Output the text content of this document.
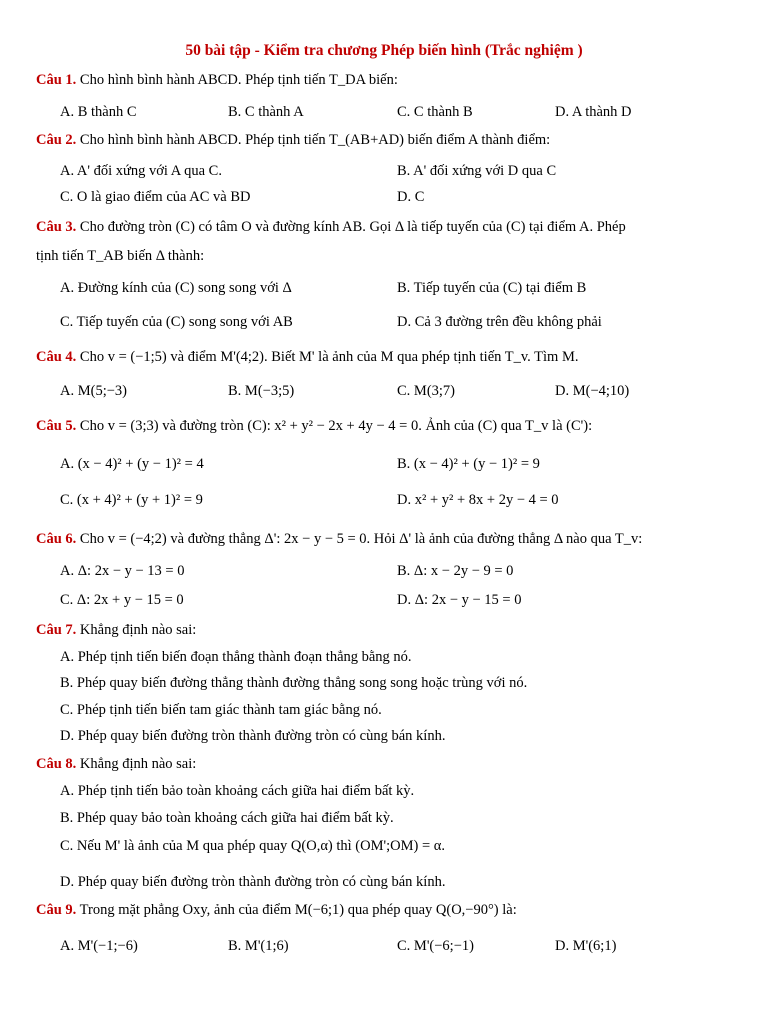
50 bài tập - Kiểm tra chương Phép biến hình (Trắc nghiệm )
Câu 1. Cho hình bình hành ABCD. Phép tịnh tiến T_DA biến:
A. B thành C	B. C thành A	C. C thành B	D. A thành D
Câu 2. Cho hình bình hành ABCD. Phép tịnh tiến T_(AB+AD) biến điểm A thành điểm:
A. A' đối xứng với A qua C.	B. A' đối xứng với D qua C
C. O là giao điểm của AC và BD	D. C
Câu 3. Cho đường tròn (C) có tâm O và đường kính AB. Gọi Δ là tiếp tuyến của (C) tại điểm A. Phép
tịnh tiến T_AB biến Δ thành:
A. Đường kính của (C) song song với Δ	B. Tiếp tuyến của (C) tại điểm B
C. Tiếp tuyến của (C) song song với AB	D. Cả 3 đường trên đều không phải
Câu 4. Cho v = (−1;5) và điểm M'(4;2). Biết M' là ảnh của M qua phép tịnh tiến T_v. Tìm M.
A. M(5;−3)	B. M(−3;5)	C. M(3;7)	D. M(−4;10)
Câu 5. Cho v = (3;3) và đường tròn (C): x² + y² − 2x + 4y − 4 = 0. Ảnh của (C) qua T_v là (C'):
A. (x − 4)² + (y − 1)² = 4	B. (x − 4)² + (y − 1)² = 9
C. (x + 4)² + (y + 1)² = 9	D. x² + y² + 8x + 2y − 4 = 0
Câu 6. Cho v = (−4;2) và đường thẳng Δ': 2x − y − 5 = 0. Hỏi Δ' là ảnh của đường thẳng Δ nào qua T_v:
A. Δ: 2x − y − 13 = 0	B. Δ: x − 2y − 9 = 0
C. Δ: 2x + y − 15 = 0	D. Δ: 2x − y − 15 = 0
Câu 7. Khẳng định nào sai:
A. Phép tịnh tiến biến đoạn thẳng thành đoạn thẳng bằng nó.
B. Phép quay biến đường thẳng thành đường thẳng song song hoặc trùng với nó.
C. Phép tịnh tiến biến tam giác thành tam giác bằng nó.
D. Phép quay biến đường tròn thành đường tròn có cùng bán kính.
Câu 8. Khẳng định nào sai:
A. Phép tịnh tiến bảo toàn khoảng cách giữa hai điểm bất kỳ.
B. Phép quay bảo toàn khoảng cách giữa hai điểm bất kỳ.
C. Nếu M' là ảnh của M qua phép quay Q(O,α) thì (OM';OM) = α.
D. Phép quay biến đường tròn thành đường tròn có cùng bán kính.
Câu 9. Trong mặt phẳng Oxy, ảnh của điểm M(−6;1) qua phép quay Q(O,−90°) là:
A. M'(−1;−6)	B. M'(1;6)	C. M'(−6;−1)	D. M'(6;1)
